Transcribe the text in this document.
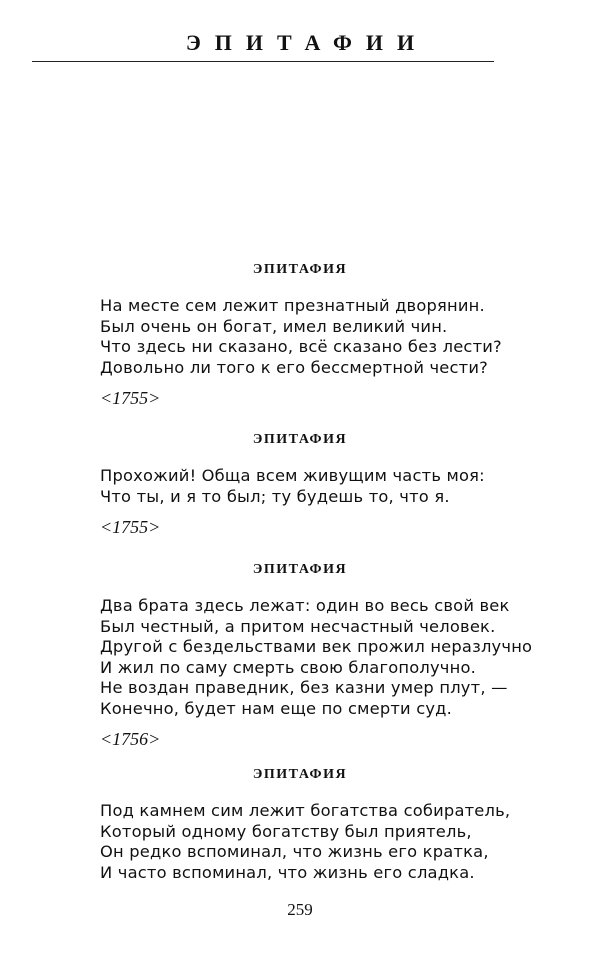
ЭПИТАФИИ
ЭПИТАФИЯ
На месте сем лежит презнатный дворянин.
Был очень он богат, имел великий чин.
Что здесь ни сказано, всё сказано без лести?
Довольно ли того к его бессмертной чести?
<1755>
ЭПИТАФИЯ
Прохожий! Обща всем живущим часть моя:
Что ты, и я то был; ту будешь то, что я.
<1755>
ЭПИТАФИЯ
Два брата здесь лежат: один во весь свой век
Был честный, а притом несчастный человек.
Другой с бездельствами век прожил неразлучно
И жил по саму смерть свою благополучно.
Не воздан праведник, без казни умер плут, —
Конечно, будет нам еще по смерти суд.
<1756>
ЭПИТАФИЯ
Под камнем сим лежит богатства собиратель,
Который одному богатству был приятель,
Он редко вспоминал, что жизнь его кратка,
И часто вспоминал, что жизнь его сладка.
259
